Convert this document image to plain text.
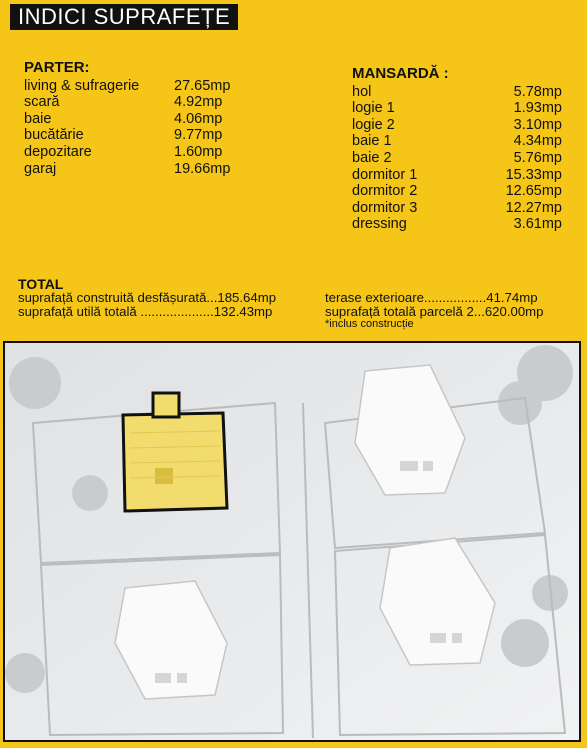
INDICI SUPRAFEȚE
PARTER:
living & sufragerie	27.65mp
scară	4.92mp
baie	4.06mp
bucătărie	9.77mp
depozitare	1.60mp
garaj	19.66mp
MANSARDĂ :
hol	5.78mp
logie 1	1.93mp
logie 2	3.10mp
baie 1	4.34mp
baie 2	5.76mp
dormitor 1	15.33mp
dormitor 2	12.65mp
dormitor 3	12.27mp
dressing	3.61mp
TOTAL
suprafață construită desfășurată...185.64mp
suprafață utilă totală ....................132.43mp
terase exterioare.................41.74mp
suprafață totală parcelă 2...620.00mp
*inclus construcție
